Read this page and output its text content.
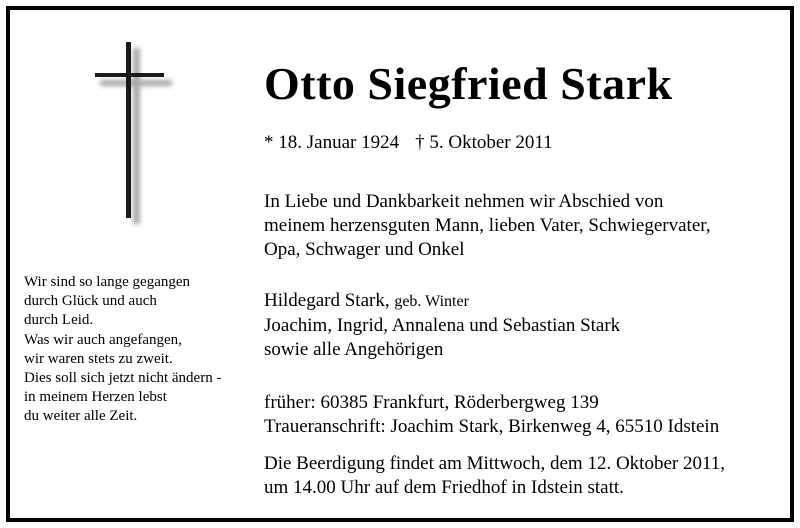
Otto Siegfried Stark
* 18. Januar 1924 † 5. Oktober 2011
In Liebe und Dankbarkeit nehmen wir Abschied von
meinem herzensguten Mann, lieben Vater, Schwiegervater,
Opa, Schwager und Onkel
Hildegard Stark, geb. Winter
Joachim, Ingrid, Annalena und Sebastian Stark
sowie alle Angehörigen
früher: 60385 Frankfurt, Röderbergweg 139
Traueranschrift: Joachim Stark, Birkenweg 4, 65510 Idstein
Die Beerdigung findet am Mittwoch, dem 12. Oktober 2011,
um 14.00 Uhr auf dem Friedhof in Idstein statt.
Wir sind so lange gegangen
durch Glück und auch
durch Leid.
Was wir auch angefangen,
wir waren stets zu zweit.
Dies soll sich jetzt nicht ändern -
in meinem Herzen lebst
du weiter alle Zeit.
